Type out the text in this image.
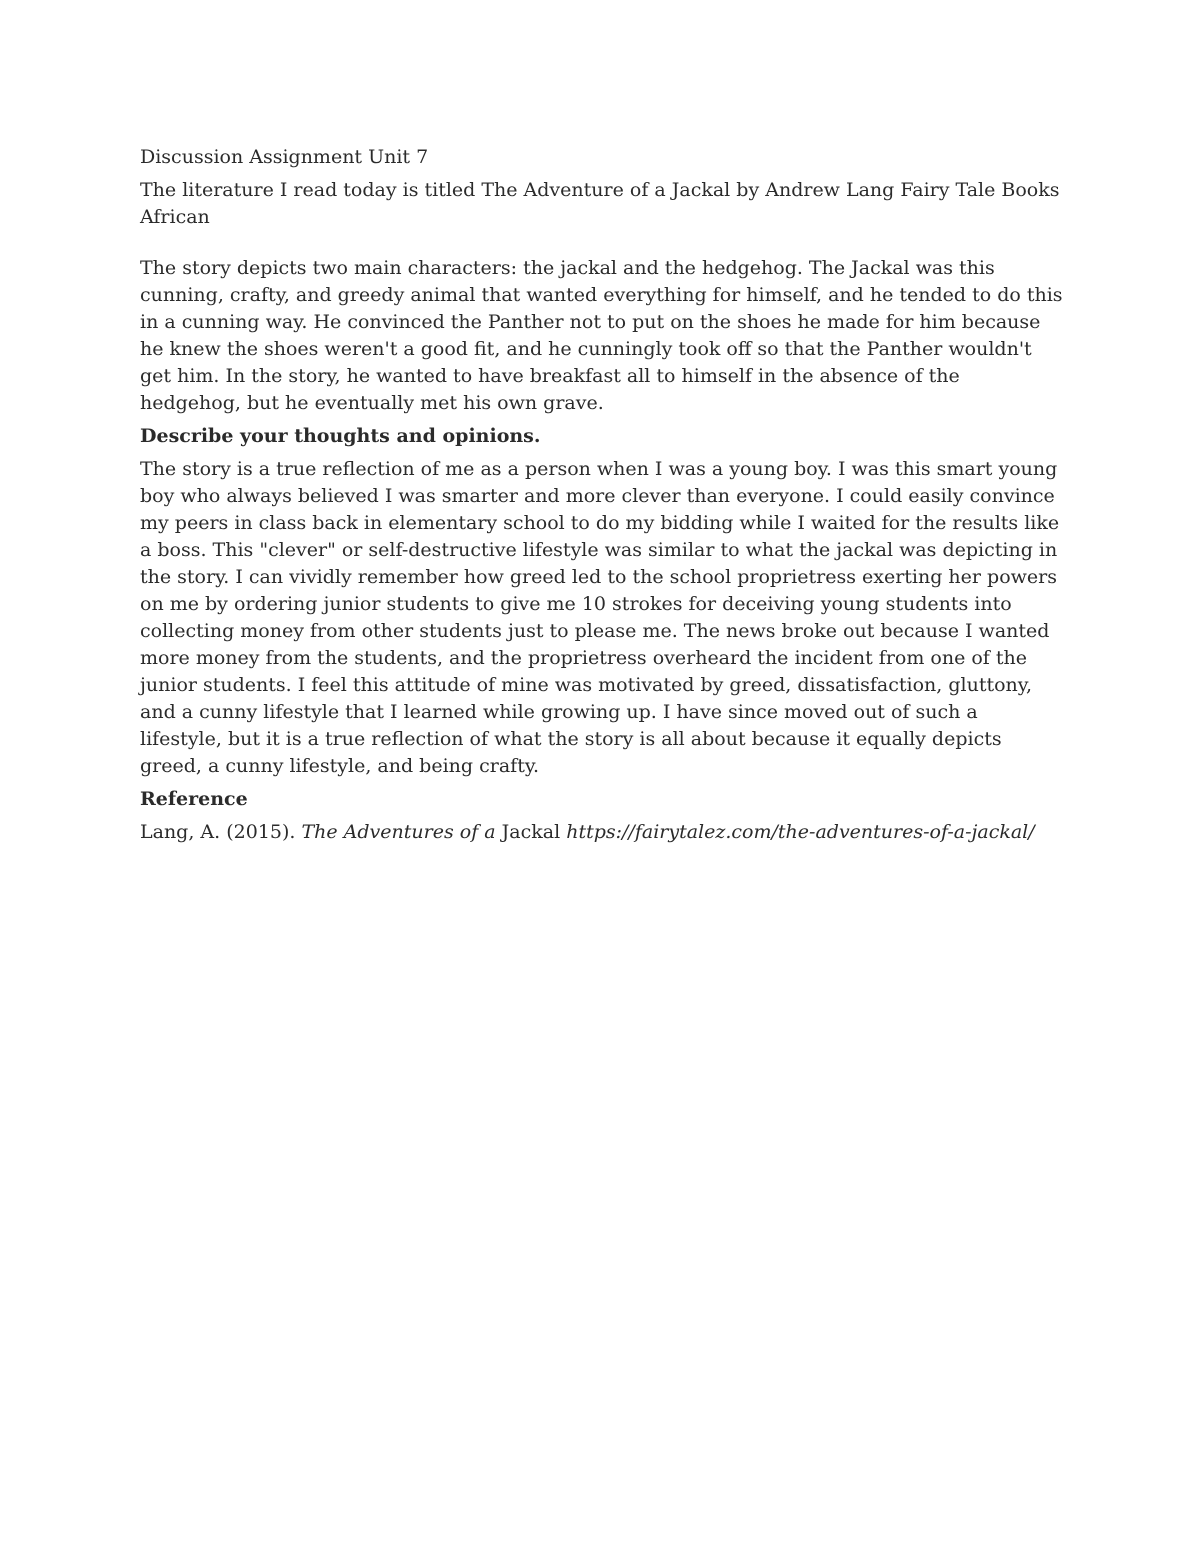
Discussion Assignment Unit 7

The literature I read today is titled The Adventure of a Jackal by Andrew Lang Fairy Tale Books African

The story depicts two main characters: the jackal and the hedgehog. The Jackal was this cunning, crafty, and greedy animal that wanted everything for himself, and he tended to do this in a cunning way. He convinced the Panther not to put on the shoes he made for him because he knew the shoes weren't a good fit, and he cunningly took off so that the Panther wouldn't get him. In the story, he wanted to have breakfast all to himself in the absence of the hedgehog, but he eventually met his own grave.

Describe your thoughts and opinions.

The story is a true reflection of me as a person when I was a young boy. I was this smart young boy who always believed I was smarter and more clever than everyone. I could easily convince my peers in class back in elementary school to do my bidding while I waited for the results like a boss. This "clever" or self-destructive lifestyle was similar to what the jackal was depicting in the story. I can vividly remember how greed led to the school proprietress exerting her powers on me by ordering junior students to give me 10 strokes for deceiving young students into collecting money from other students just to please me. The news broke out because I wanted more money from the students, and the proprietress overheard the incident from one of the junior students. I feel this attitude of mine was motivated by greed, dissatisfaction, gluttony, and a cunny lifestyle that I learned while growing up. I have since moved out of such a lifestyle, but it is a true reflection of what the story is all about because it equally depicts greed, a cunny lifestyle, and being crafty.

Reference

Lang, A. (2015). The Adventures of a Jackal https://fairytalez.com/the-adventures-of-a-jackal/
